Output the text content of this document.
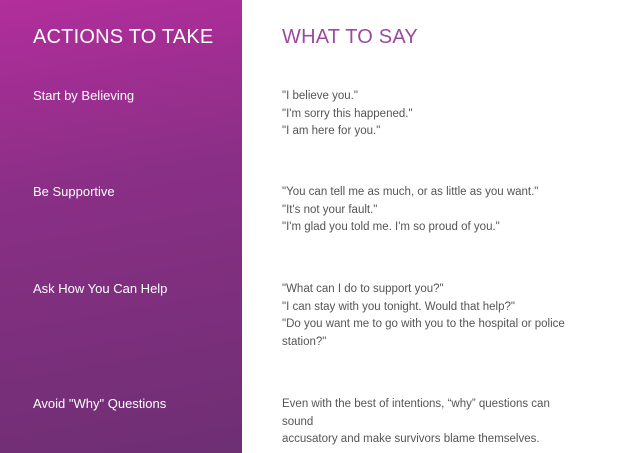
ACTIONS TO TAKE
Start by Believing
Be Supportive
Ask How You Can Help
Avoid "Why" Questions
WHAT TO SAY
"I believe you."
"I'm sorry this happened."
"I am here for you."
"You can tell me as much, or as little as you want."
"It's not your fault."
"I'm glad you told me. I'm so proud of you."
"What can I do to support you?"
"I can stay with you tonight. Would that help?"
"Do you want me to go with you to the hospital or police
station?"
Even with the best of intentions, “why” questions can sound
accusatory and make survivors blame themselves.
